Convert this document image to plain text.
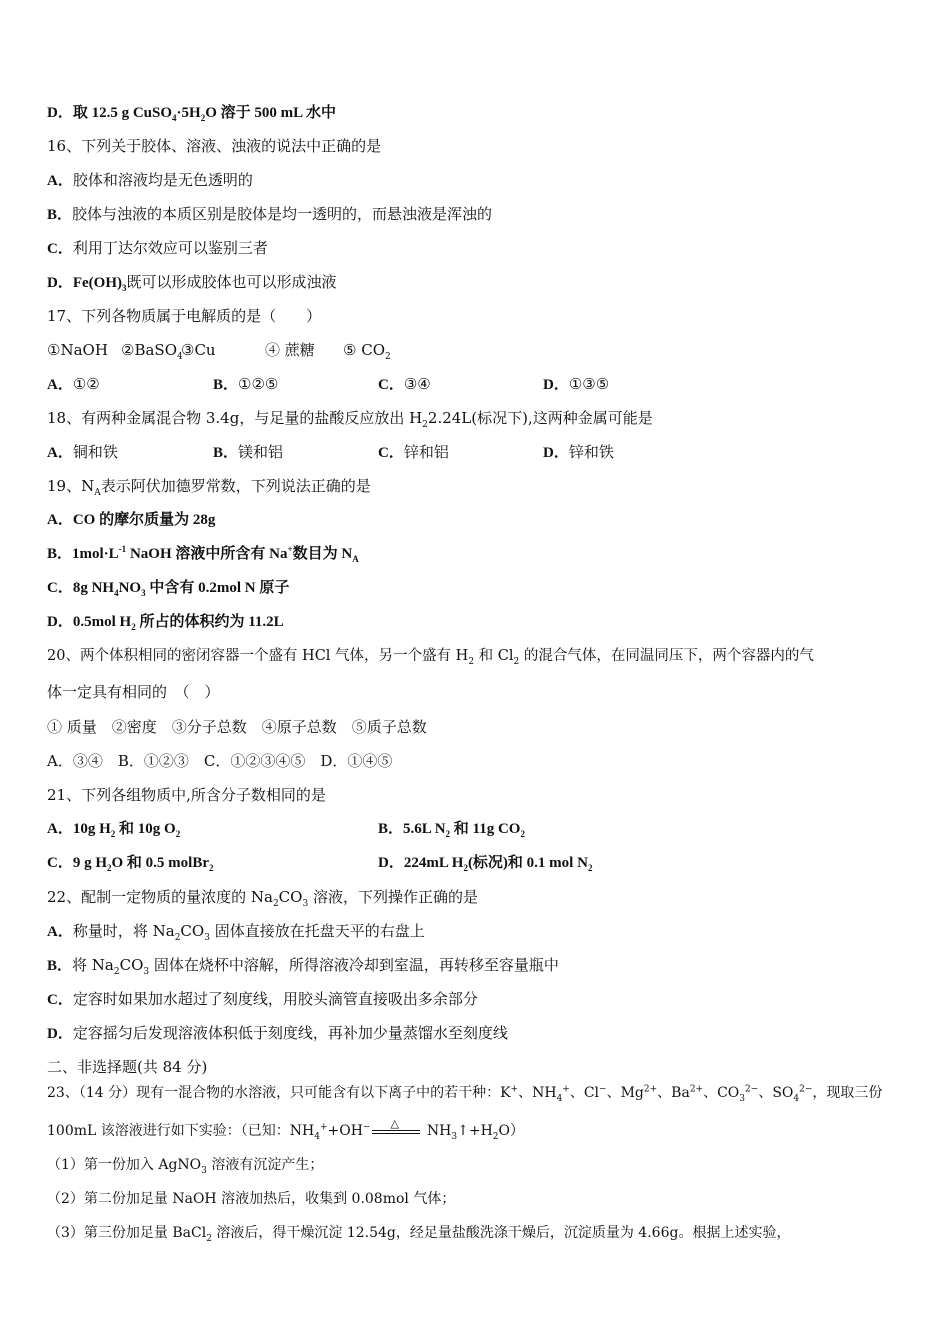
D．取 12.5 g $CuSO_4\cdot 5H_2O$ 溶于 500 mL 水中
16、下列关于胶体、溶液、浊液的说法中正确的是
A．胶体和溶液均是无色透明的
B．胶体与浊液的本质区别是胶体是均一透明的，而悬浊液是浑浊的
C．利用丁达尔效应可以鉴别三者
D．$Fe(OH)_3$既可以形成胶体也可以形成浊液
17、下列各物质属于电解质的是（　　）
①NaOH ②BaSO$_4$
③Cu	④ 蔗糖 ⑤ $CO_2$
A．①②	B．①②⑤	C．③④	D．①③⑤
18、有两种金属混合物 3.4g，与足量的盐酸反应放出 $H_22.24L$(标况下),这两种金属可能是
A．铜和铁	B．镁和铝	C．锌和铝	D．锌和铁
19、$N_A$表示阿伏加德罗常数，下列说法正确的是
A．CO 的摩尔质量为 28g
B．$1mol\cdot L^{-1}$ NaOH 溶液中所含有 Na+数目为 $N_A$
C．8g $NH_4NO_3$ 中含有 0.2mol N 原子
D．0.5mol $H_2$ 所占的体积约为 11.2L
20、两个体积相同的密闭容器一个盛有 HCl 气体，另一个盛有 $H_2$ 和 $Cl_2$ 的混合气体，在同温同压下，两个容器内的气
体一定具有相同的　（　）
① 质量　②密度　③分子总数　④原子总数　⑤质子总数
A．③④　B．①②③　C．①②③④⑤　D．①④⑤
21、下列各组物质中,所含分子数相同的是
A．10g $H_2$ 和 10g $O_2$	B．5.6L $N_2$ 和 11g $CO_2$
C．9 g $H_2O$ 和 0.5 molBr$_2$	D．224mL $H_2$(标况)和 0.1 mol $N_2$
22、配制一定物质的量浓度的 $Na_2CO_3$ 溶液，下列操作正确的是
A．称量时，将 $Na_2CO_3$ 固体直接放在托盘天平的右盘上
B．将 $Na_2CO_3$ 固体在烧杯中溶解，所得溶液冷却到室温，再转移至容量瓶中
C．定容时如果加水超过了刻度线，用胶头滴管直接吸出多余部分
D．定容摇匀后发现溶液体积低于刻度线，再补加少量蒸馏水至刻度线
二、非选择题(共 84 分)
23、（14 分）现有一混合物的水溶液，只可能含有以下离子中的若干种：K+、$NH_4^+$、Cl−、$Mg^{2+}$、$Ba^{2+}$、$CO_3^{2-}$、$SO_4^{2-}$，现取三份
100mL 该溶液进行如下实验：（已知：$NH_4^++OH^-$ △ $NH_3↑+H_2O$）
（1）第一份加入 AgNO$_3$ 溶液有沉淀产生；
（2）第二份加足量 NaOH 溶液加热后，收集到 0.08mol 气体；
（3）第三份加足量 BaCl$_2$ 溶液后，得干燥沉淀 12.54g，经足量盐酸洗涤干燥后，沉淀质量为 4.66g。根据上述实验，
